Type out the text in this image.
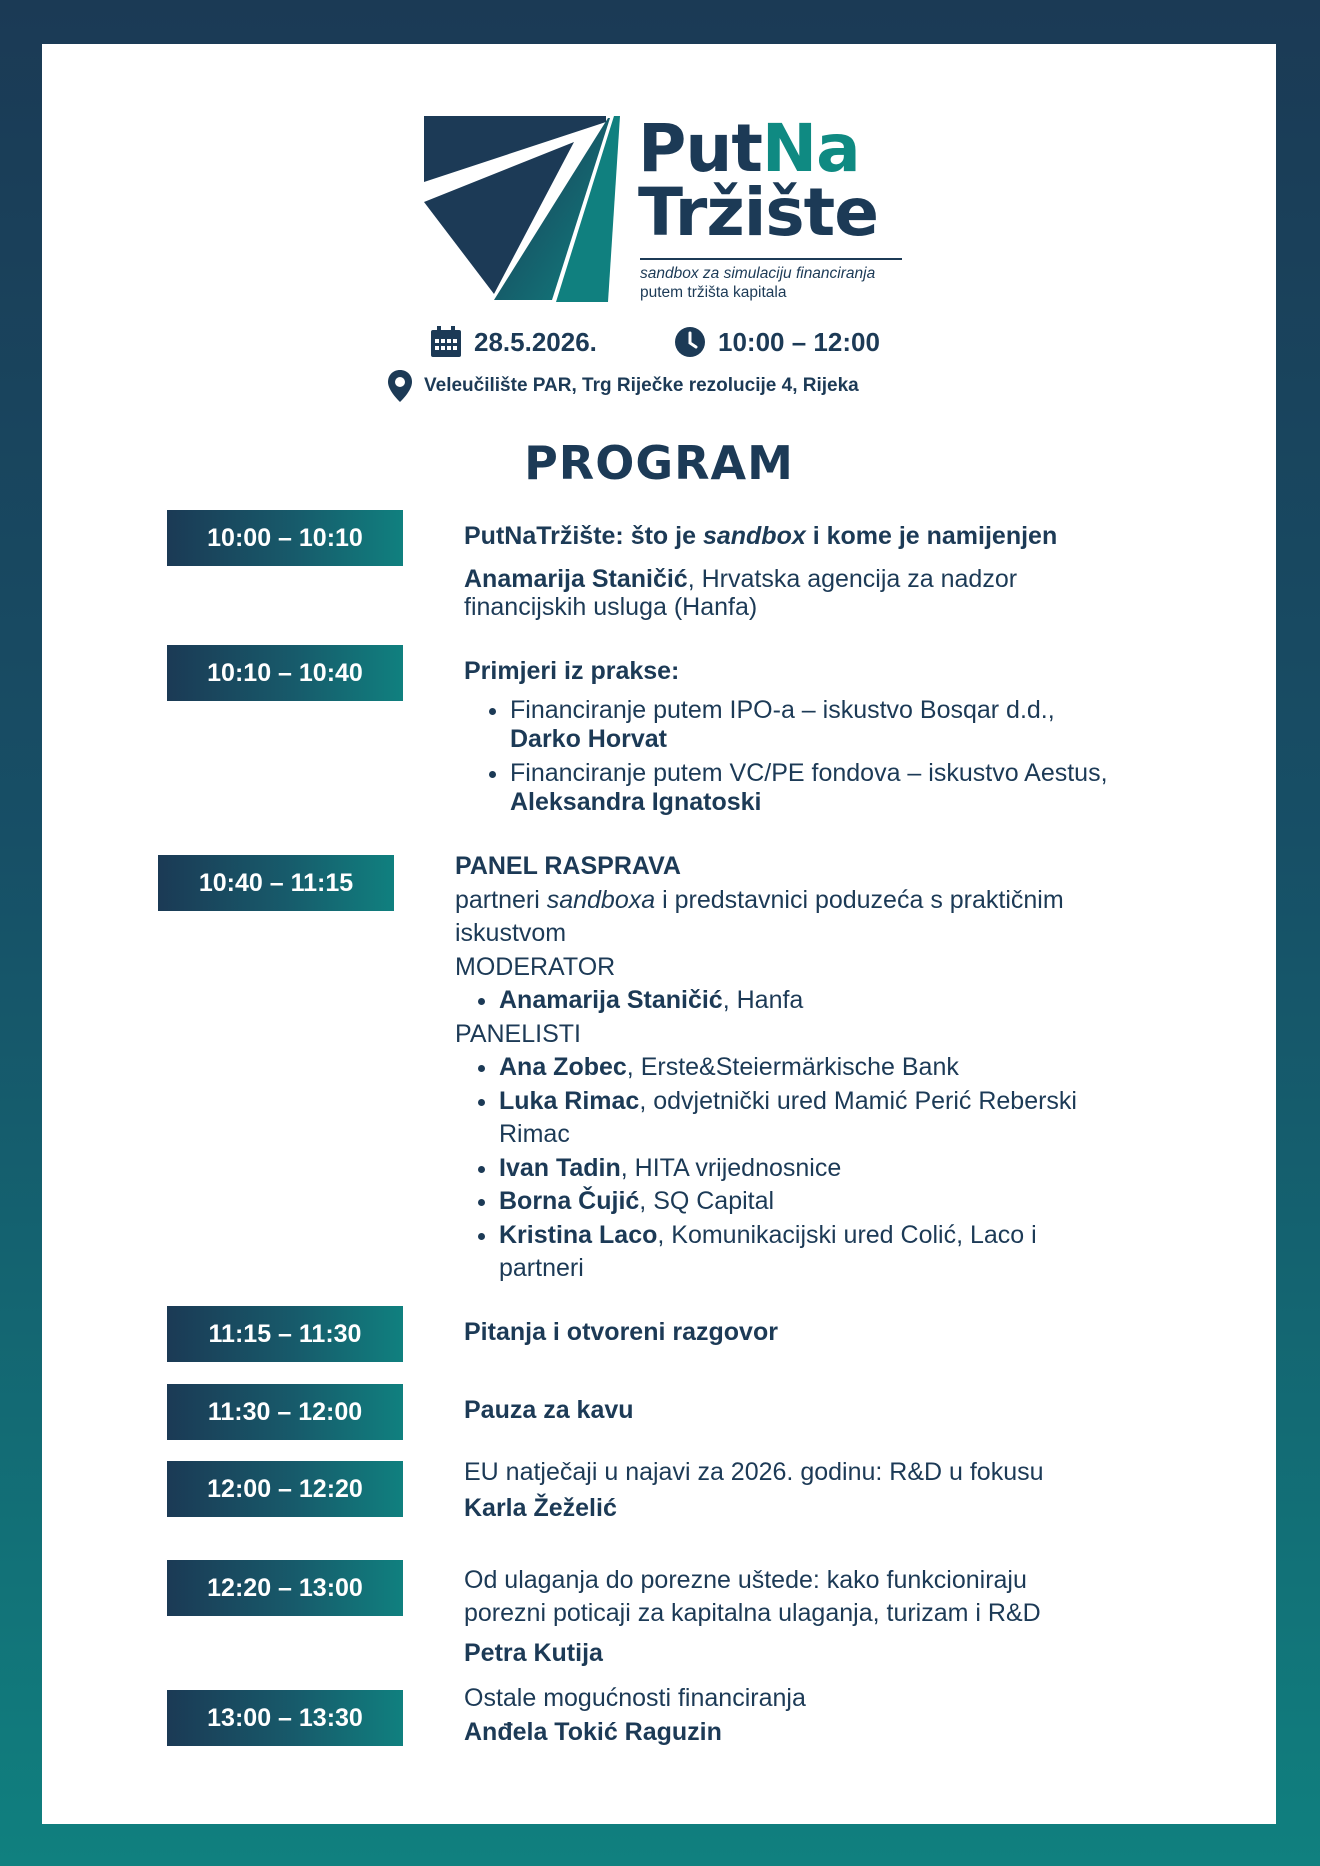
PutNa
Tržište
sandbox za simulaciju financiranja
putem tržišta kapitala
28.5.2026.	10:00 – 12:00
Veleučilište PAR, Trg Riječke rezolucije 4, Rijeka
PROGRAM
10:00 – 10:10	PutNaTržište: što je sandbox i kome je namijenjen
Anamarija Staničić, Hrvatska agencija za nadzor
financijskih usluga (Hanfa)
10:10 – 10:40	Primjeri iz prakse:
• Financiranje putem IPO-a – iskustvo Bosqar d.d.,
Darko Horvat
• Financiranje putem VC/PE fondova – iskustvo Aestus,
Aleksandra Ignatoski
10:40 – 11:15
PANEL RASPRAVA
partneri sandboxa i predstavnici poduzeća s praktičnim
iskustvom
MODERATOR
• Anamarija Staničić, Hanfa
PANELISTI
• Ana Zobec, Erste&Steiermärkische Bank
• Luka Rimac, odvjetnički ured Mamić Perić Reberski
Rimac
• Ivan Tadin, HITA vrijednosnice
• Borna Čujić, SQ Capital
• Kristina Laco, Komunikacijski ured Colić, Laco i
partneri
11:15 – 11:30	Pitanja i otvoreni razgovor
11:30 – 12:00	Pauza za kavu
12:00 – 12:20
EU natječaji u najavi za 2026. godinu: R&D u fokusu
Karla Žeželić
12:20 – 13:00	Od ulaganja do porezne uštede: kako funkcioniraju
porezni poticaji za kapitalna ulaganja, turizam i R&D
Petra Kutija
13:00 – 13:30
Ostale mogućnosti financiranja
Anđela Tokić Raguzin
